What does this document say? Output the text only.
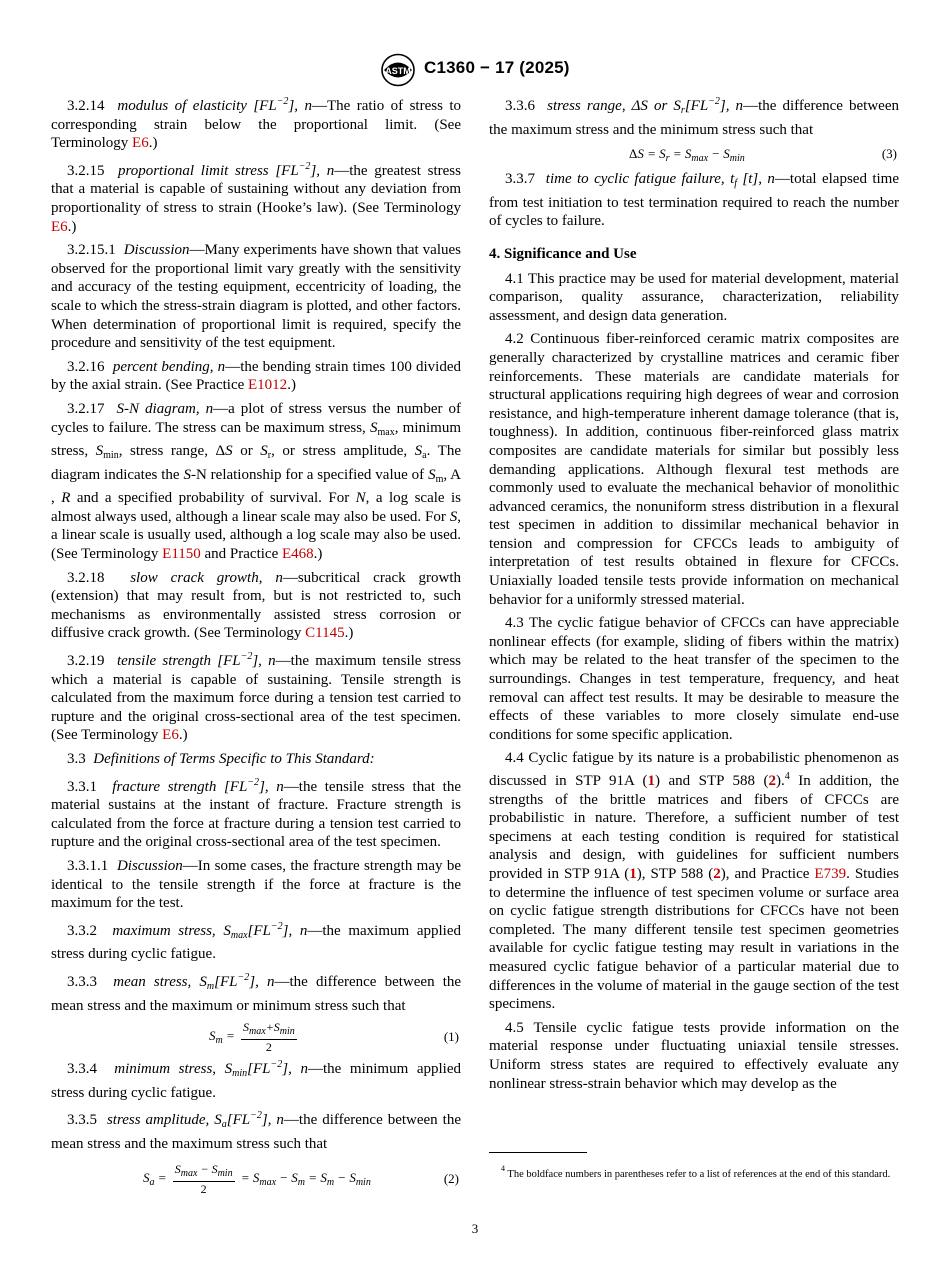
ASTM C1360 − 17 (2025)

3.2.14 modulus of elasticity $[FL^{-2}]$, n—The ratio of stress to corresponding strain below the proportional limit. (See Terminology E6.)

3.2.15 proportional limit stress $[FL^{-2}]$, n—the greatest stress that a material is capable of sustaining without any deviation from proportionality of stress to strain (Hooke’s law). (See Terminology E6.)

3.2.15.1 Discussion—Many experiments have shown that values observed for the proportional limit vary greatly with the sensitivity and accuracy of the testing equipment, eccentricity of loading, the scale to which the stress-strain diagram is plotted, and other factors. When determination of proportional limit is required, specify the procedure and sensitivity of the test equipment.

3.2.16 percent bending, n—the bending strain times 100 divided by the axial strain. (See Practice E1012.)

3.2.17 S-N diagram, n—a plot of stress versus the number of cycles to failure. The stress can be maximum stress, $S_{max}$, minimum stress, $S_{min}$, stress range, ΔS or $S_r$, or stress amplitude, $S_a$. The diagram indicates the S-N relationship for a specified value of $S_m$, A , R and a specified probability of survival. For N, a log scale is almost always used, although a linear scale may also be used. For S, a linear scale is usually used, although a log scale may also be used. (See Terminology E1150 and Practice E468.)

3.2.18 slow crack growth, n—subcritical crack growth (extension) that may result from, but is not restricted to, such mechanisms as environmentally assisted stress corrosion or diffusive crack growth. (See Terminology C1145.)

3.2.19 tensile strength $[FL^{-2}]$, n—the maximum tensile stress which a material is capable of sustaining. Tensile strength is calculated from the maximum force during a tension test carried to rupture and the original cross-sectional area of the test specimen. (See Terminology E6.)

3.3 Definitions of Terms Specific to This Standard:

3.3.1 fracture strength $[FL^{-2}]$, n—the tensile stress that the material sustains at the instant of fracture. Fracture strength is calculated from the force at fracture during a tension test carried to rupture and the original cross-sectional area of the test specimen.

3.3.1.1 Discussion—In some cases, the fracture strength may be identical to the tensile strength if the force at fracture is the maximum for the test.

3.3.2 maximum stress, $S_{max}[FL^{-2}]$, n—the maximum applied stress during cyclic fatigue.

3.3.3 mean stress, $S_m[FL^{-2}]$, n—the difference between the mean stress and the maximum or minimum stress such that

$S_m = \frac{S_{max}+S_{min}}{2}$	(1)

3.3.4 minimum stress, $S_{min}[FL^{-2}]$, n—the minimum applied stress during cyclic fatigue.

3.3.5 stress amplitude, $S_a[FL^{-2}]$, n—the difference between the mean stress and the maximum stress such that

$S_a = \frac{S_{max} - S_{min}}{2} = S_{max} - S_m = S_m - S_{min}$	(2)

3.3.6 stress range, ΔS or $S_r[FL^{-2}]$, n—the difference between the maximum stress and the minimum stress such that

$\Delta S = S_r = S_{max} - S_{min}$	(3)

3.3.7 time to cyclic fatigue failure, $t_f$ [t], n—total elapsed time from test initiation to test termination required to reach the number of cycles to failure.

4. Significance and Use

4.1 This practice may be used for material development, material comparison, quality assurance, characterization, reliability assessment, and design data generation.

4.2 Continuous fiber-reinforced ceramic matrix composites are generally characterized by crystalline matrices and ceramic fiber reinforcements. These materials are candidate materials for structural applications requiring high degrees of wear and corrosion resistance, and high-temperature inherent damage tolerance (that is, toughness). In addition, continuous fiber-reinforced glass matrix composites are candidate materials for similar but possibly less demanding applications. Although flexural test methods are commonly used to evaluate the mechanical behavior of monolithic advanced ceramics, the nonuniform stress distribution in a flexural test specimen in addition to dissimilar mechanical behavior in tension and compression for CFCCs leads to ambiguity of interpretation of test results obtained in flexure for CFCCs. Uniaxially loaded tensile tests provide information on mechanical behavior for a uniformly stressed material.

4.3 The cyclic fatigue behavior of CFCCs can have appreciable nonlinear effects (for example, sliding of fibers within the matrix) which may be related to the heat transfer of the specimen to the surroundings. Changes in test temperature, frequency, and heat removal can affect test results. It may be desirable to measure the effects of these variables to more closely simulate end-use conditions for some specific application.

4.4 Cyclic fatigue by its nature is a probabilistic phenomenon as discussed in STP 91A (1) and STP 588 (2).$^4$ In addition, the strengths of the brittle matrices and fibers of CFCCs are probabilistic in nature. Therefore, a sufficient number of test specimens at each testing condition is required for statistical analysis and design, with guidelines for sufficient numbers provided in STP 91A (1), STP 588 (2), and Practice E739. Studies to determine the influence of test specimen volume or surface area on cyclic fatigue strength distributions for CFCCs have not been completed. The many different tensile test specimen geometries available for cyclic fatigue testing may result in variations in the measured cyclic fatigue behavior of a particular material due to differences in the volume of material in the gauge section of the test specimens.

4.5 Tensile cyclic fatigue tests provide information on the material response under fluctuating uniaxial tensile stresses. Uniform stress states are required to effectively evaluate any nonlinear stress-strain behavior which may develop as the

$^4$ The boldface numbers in parentheses refer to a list of references at the end of this standard.
3
